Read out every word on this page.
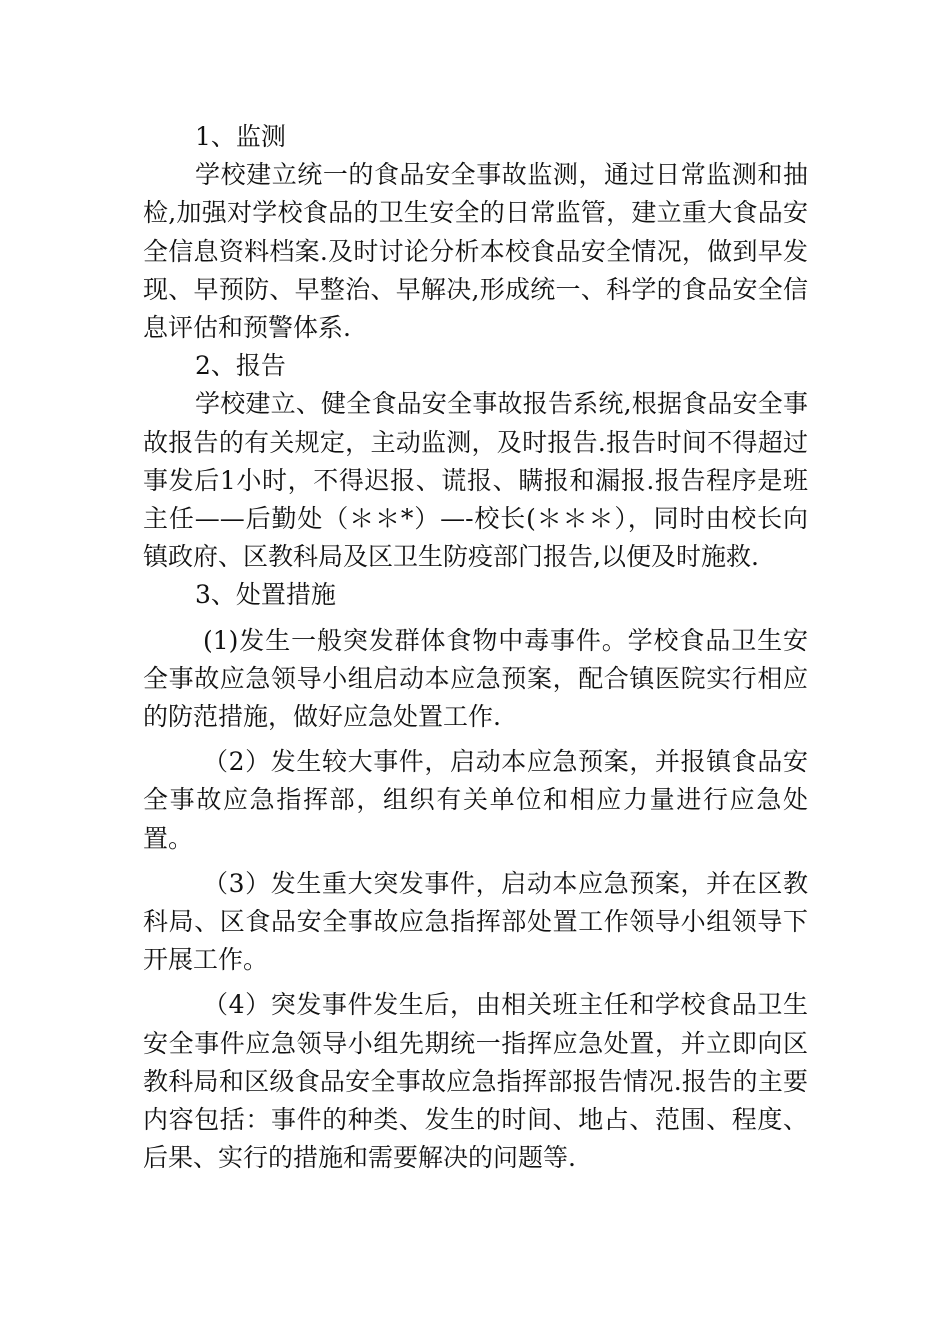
1、监测

学校建立统一的食品安全事故监测，通过日常监测和抽检,加强对学校食品的卫生安全的日常监管，建立重大食品安全信息资料档案.及时讨论分析本校食品安全情况，做到早发现、早预防、早整治、早解决,形成统一、科学的食品安全信息评估和预警体系.

2、报告

学校建立、健全食品安全事故报告系统,根据食品安全事故报告的有关规定，主动监测，及时报告.报告时间不得超过事发后1小时，不得迟报、谎报、瞒报和漏报.报告程序是班主任——后勤处（＊＊*）—-校长(＊＊＊），同时由校长向镇政府、区教科局及区卫生防疫部门报告,以便及时施救.

3、处置措施

(1)发生一般突发群体食物中毒事件。学校食品卫生安全事故应急领导小组启动本应急预案，配合镇医院实行相应的防范措施，做好应急处置工作.

（2）发生较大事件，启动本应急预案，并报镇食品安全事故应急指挥部，组织有关单位和相应力量进行应急处置。

（3）发生重大突发事件，启动本应急预案，并在区教科局、区食品安全事故应急指挥部处置工作领导小组领导下开展工作。

（4）突发事件发生后，由相关班主任和学校食品卫生安全事件应急领导小组先期统一指挥应急处置，并立即向区教科局和区级食品安全事故应急指挥部报告情况.报告的主要内容包括：事件的种类、发生的时间、地占、范围、程度、后果、实行的措施和需要解决的问题等.
